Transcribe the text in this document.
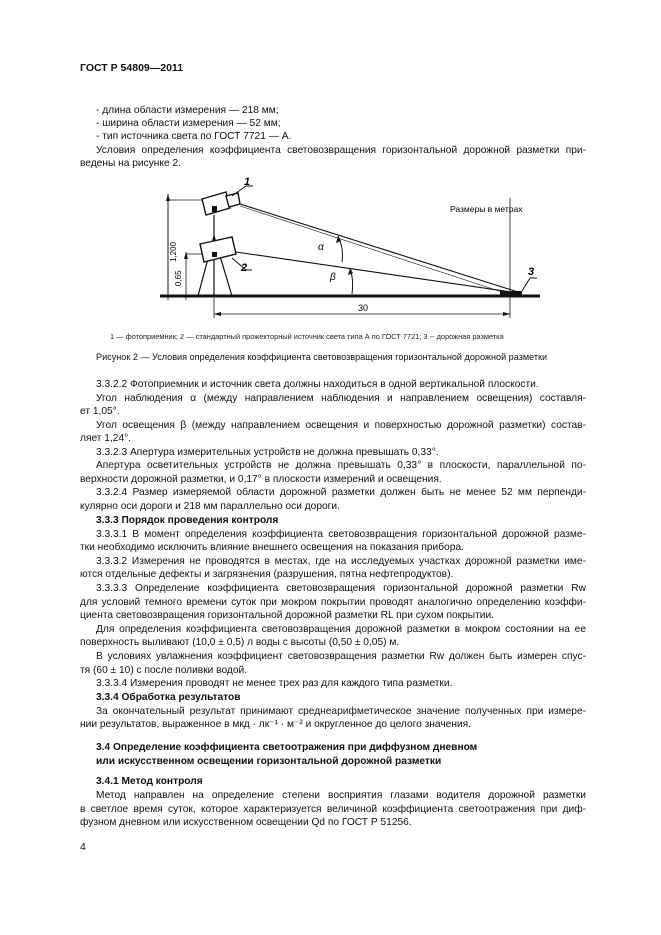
ГОСТ Р 54809—2011
- длина области измерения — 218 мм;
- ширина области измерения — 52 мм;
- тип источника света по ГОСТ 7721 — А.
Условия определения коэффициента световозвращения горизонтальной дорожной разметки при-
ведены на рисунке 2.
1,200
0,65
α
β
30
1
2	3
Размеры в метрах
1 — фотоприемник; 2 — стандартный прожекторный источник света типа А по ГОСТ 7721; 3 -- дорожная разметка
Рисунок 2 — Условия определения коэффициента световозвращения горизонтальной дорожной разметки
3.3.2.2 Фотоприемник и источник света должны находиться в одной вертикальной плоскости.
Угол наблюдения α (между направлением наблюдения и направлением освещения) составля-
ет 1,05°.
Угол освещения β (между направлением освещения и поверхностью дорожной разметки) состав-
ляет 1,24°.
3.3.2.3 Апертура измерительных устройств не должна превышать 0,33°.
Апертура осветительных устройств не должна превышать 0,33° в плоскости, параллельной по-
верхности дорожной разметки, и 0,17° в плоскости измерений и освещения.
3.3.2.4 Размер измеряемой области дорожной разметки должен быть не менее 52 мм перпенди-
кулярно оси дороги и 218 мм параллельно оси дороги.
3.3.3 Порядок проведения контроля
3.3.3.1 В момент определения коэффициента световозвращения горизонтальной дорожной разме-
тки необходимо исключить влияние внешнего освещения на показания прибора.
3.3.3.2 Измерения не проводятся в местах, где на исследуемых участках дорожной разметки име-
ются отдельные дефекты и загрязнения (разрушения, пятна нефтепродуктов).
3.3.3.3 Определение коэффициента световозвращения горизонтальной дорожной разметки Rw
для условий темного времени суток при мокром покрытии проводят аналогично определению коэффи-
циента световозвращения горизонтальной дорожной разметки RL при сухом покрытии.
Для определения коэффициента световозвращения дорожной разметки в мокром состоянии на ее
поверхность выливают (10,0 ± 0,5) л воды с высоты (0,50 ± 0,05) м.
В условиях увлажнения коэффициент световозвращения разметки Rw должен быть измерен спус-
тя (60 ± 10) с после поливки водой.
3.3.3.4 Измерения проводят не менее трех раз для каждого типа разметки.
3.3.4 Обработка результатов
За окончательный результат принимают среднеарифметическое значение полученных при измере-
нии результатов, выраженное в мкд · лк⁻¹ · м⁻² и округленное до целого значения.
3.4 Определение коэффициента светоотражения при диффузном дневном
или искусственном освещении горизонтальной дорожной разметки
3.4.1 Метод контроля
Метод направлен на определение степени восприятия глазами водителя дорожной разметки
в светлое время суток, которое характеризуется величиной коэффициента светоотражения при диф-
фузном дневном или искусственном освещении Qd по ГОСТ Р 51256.
4
